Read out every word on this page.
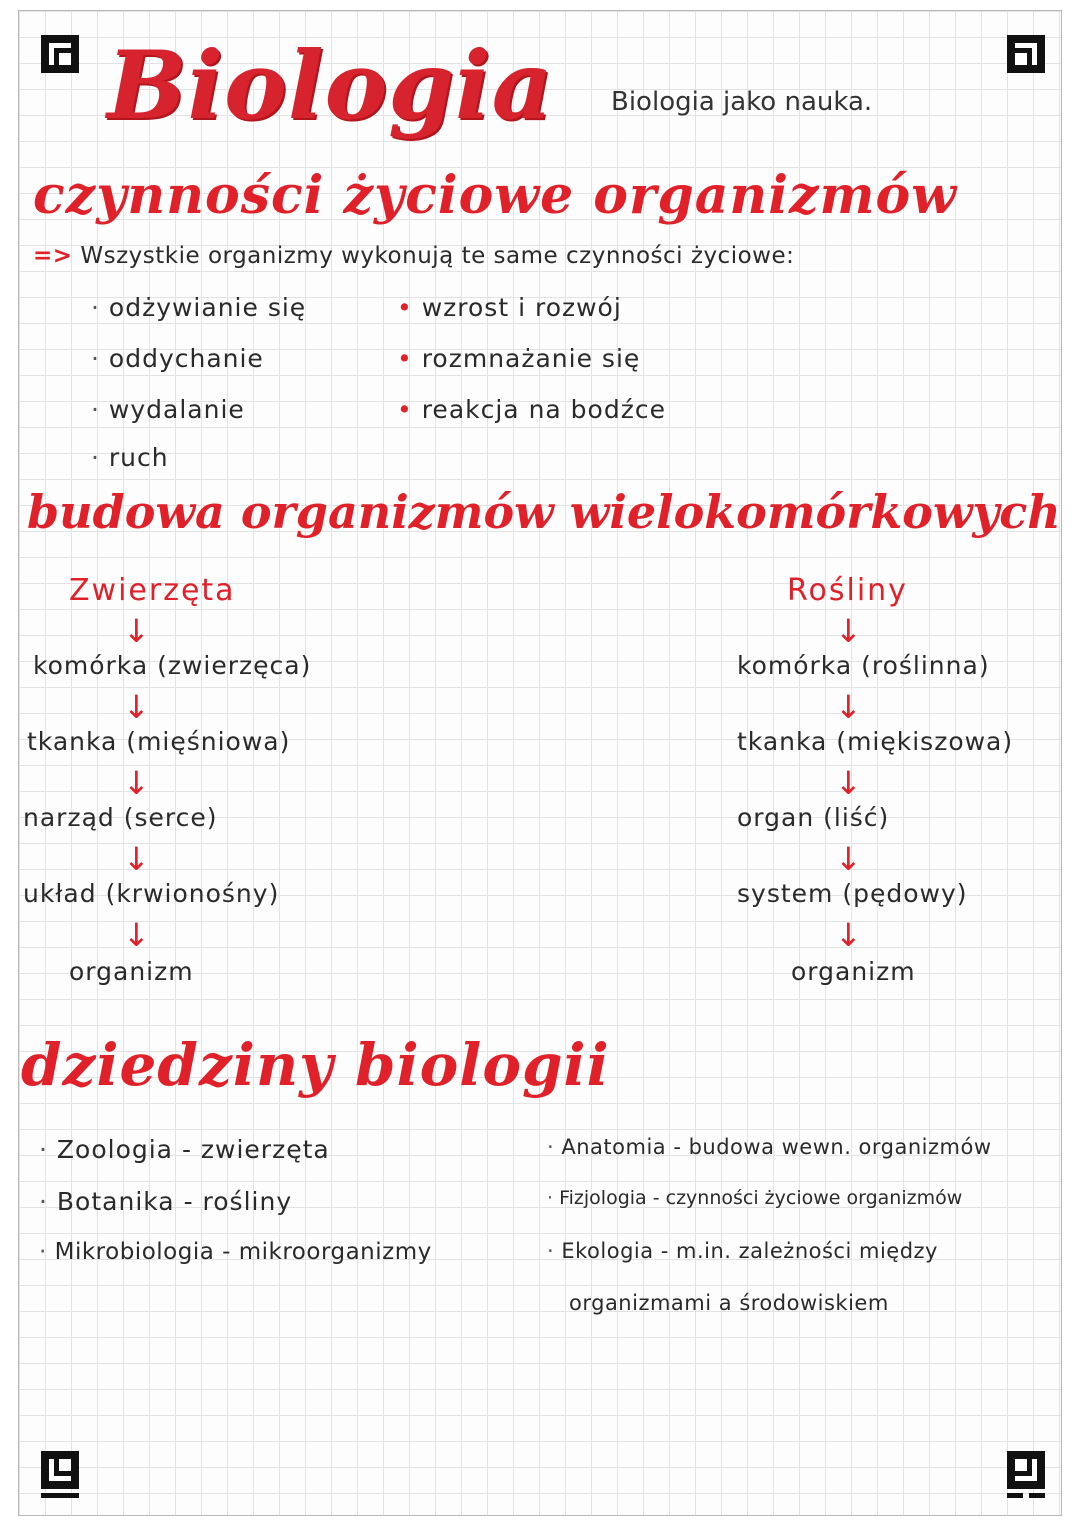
Biologia Biologia jako nauka.
czynności życiowe organizmów
=> Wszystkie organizmy wykonują te same czynności życiowe:
· odżywianie się
· oddychanie
· wydalanie
· ruch
• wzrost i rozwój
• rozmnażanie się
• reakcja na bodźce
budowa organizmów wielokomórkowych
Zwierzęta
↓
komórka (zwierzęca)
↓
tkanka (mięśniowa)
↓
narząd (serce)
↓
układ (krwionośny)
↓
organizm
Rośliny
↓
komórka (roślinna)
↓
tkanka (miękiszowa)
↓
organ (liść)
↓
system (pędowy)
↓
organizm
dziedziny biologii
· Zoologia - zwierzęta
· Botanika - rośliny
· Mikrobiologia - mikroorganizmy
· Anatomia - budowa wewn. organizmów
· Fizjologia - czynności życiowe organizmów
· Ekologia - m.in. zależności między
organizmami a środowiskiem
